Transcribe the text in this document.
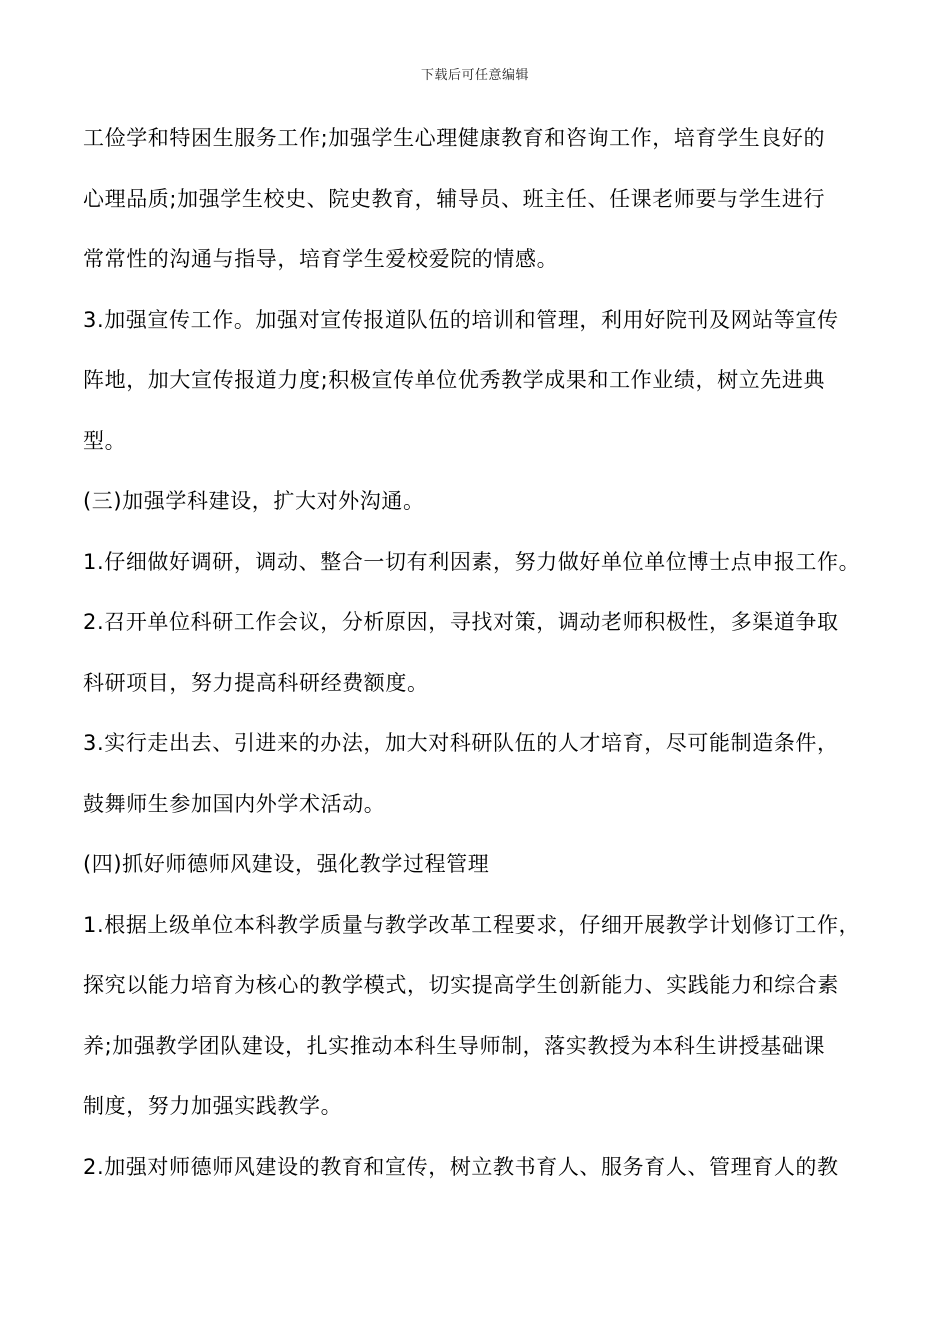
下载后可任意编辑
工俭学和特困生服务工作;加强学生心理健康教育和咨询工作，培育学生良好的
心理品质;加强学生校史、院史教育，辅导员、班主任、任课老师要与学生进行
常常性的沟通与指导，培育学生爱校爱院的情感。
3.加强宣传工作。加强对宣传报道队伍的培训和管理，利用好院刊及网站等宣传
阵地，加大宣传报道力度;积极宣传单位优秀教学成果和工作业绩，树立先进典
型。
(三)加强学科建设，扩大对外沟通。
1.仔细做好调研，调动、整合一切有利因素，努力做好单位单位博士点申报工作。
2.召开单位科研工作会议，分析原因，寻找对策，调动老师积极性，多渠道争取
科研项目，努力提高科研经费额度。
3.实行走出去、引进来的办法，加大对科研队伍的人才培育，尽可能制造条件，
鼓舞师生参加国内外学术活动。
(四)抓好师德师风建设，强化教学过程管理
1.根据上级单位本科教学质量与教学改革工程要求，仔细开展教学计划修订工作，
探究以能力培育为核心的教学模式，切实提高学生创新能力、实践能力和综合素
养;加强教学团队建设，扎实推动本科生导师制，落实教授为本科生讲授基础课
制度，努力加强实践教学。
2.加强对师德师风建设的教育和宣传，树立教书育人、服务育人、管理育人的教
